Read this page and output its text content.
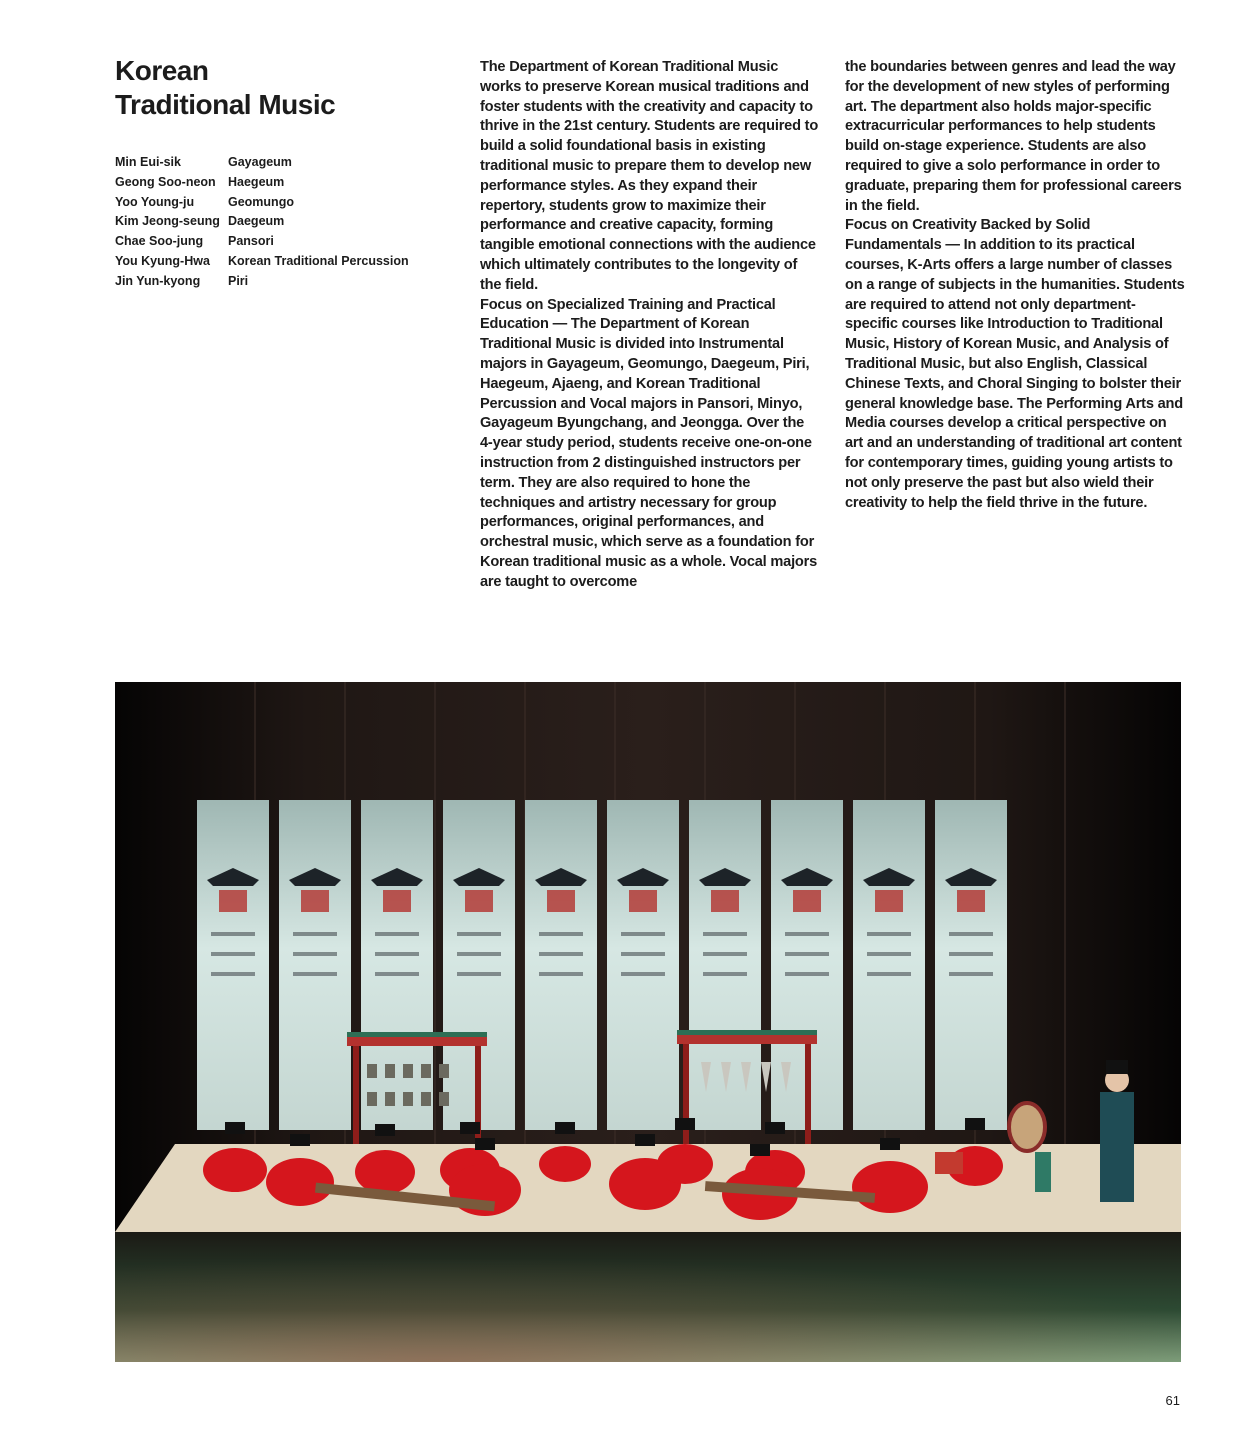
Korean
Traditional Music
Min Eui-sik	Gayageum
Geong Soo-neon	Haegeum
Yoo Young-ju	Geomungo
Kim Jeong-seung	Daegeum
Chae Soo-jung	Pansori
You Kyung-Hwa	Korean Traditional Percussion
Jin Yun-kyong	Piri

The Department of Korean Traditional Music works to preserve Korean musical traditions and foster students with the creativity and capacity to thrive in the 21st century. Students are required to build a solid foundational basis in existing traditional music to prepare them to develop new performance styles. As they expand their repertory, students grow to maximize their performance and creative capacity, forming tangible emotional connections with the audience which ultimately contributes to the longevity of the field.

Focus on Specialized Training and Practical Education — The Department of Korean Traditional Music is divided into Instrumental majors in Gayageum, Geomungo, Daegeum, Piri, Haegeum, Ajaeng, and Korean Traditional Percussion and Vocal majors in Pansori, Minyo, Gayageum Byungchang, and Jeongga. Over the 4-year study period, students receive one-on-one instruction from 2 distinguished instructors per term. They are also required to hone the techniques and artistry necessary for group performances, original performances, and orchestral music, which serve as a foundation for Korean traditional music as a whole. Vocal majors are taught to overcome

the boundaries between genres and lead the way for the development of new styles of performing art. The department also holds major-specific extracurricular performances to help students build on-stage experience. Students are also required to give a solo performance in order to graduate, preparing them for professional careers in the field.

Focus on Creativity Backed by Solid Fundamentals — In addition to its practical courses, K-Arts offers a large number of classes on a range of subjects in the humanities. Students are required to attend not only department-specific courses like Introduction to Traditional Music, History of Korean Music, and Analysis of Traditional Music, but also English, Classical Chinese Texts, and Choral Singing to bolster their general knowledge base. The Performing Arts and Media courses develop a critical perspective on art and an understanding of traditional art content for contemporary times, guiding young artists to not only preserve the past but also wield their creativity to help the field thrive in the future.

61
